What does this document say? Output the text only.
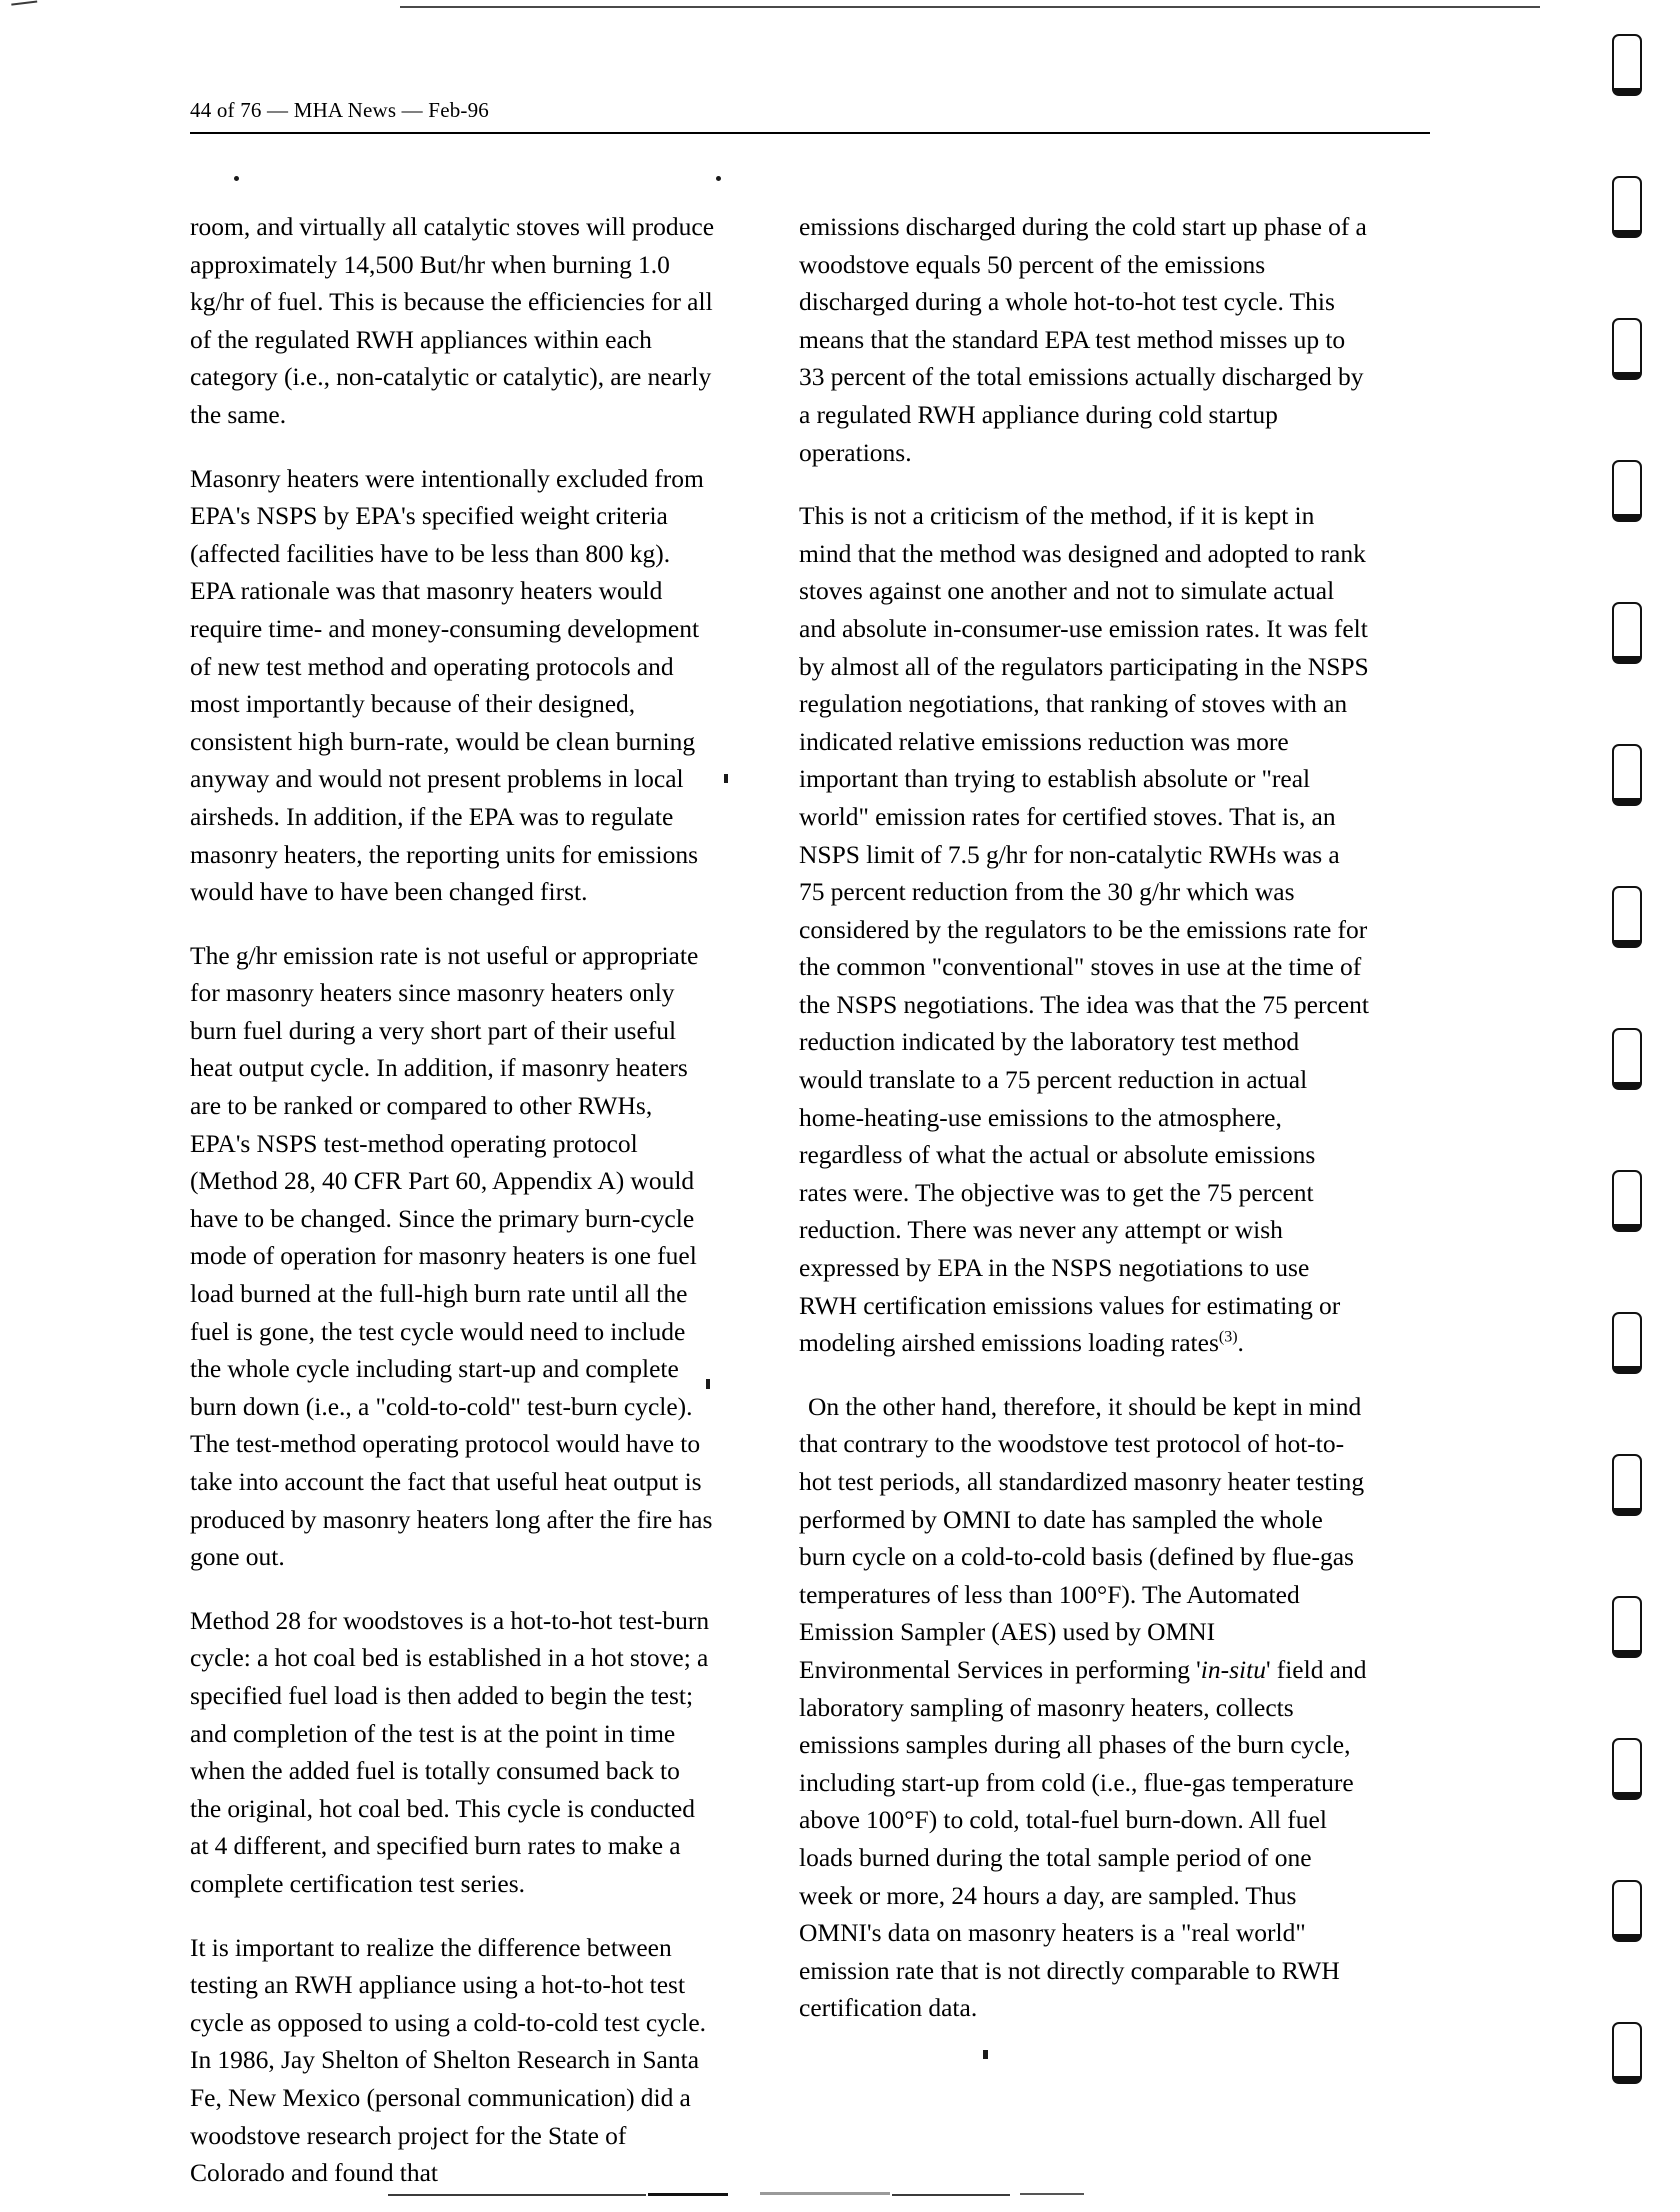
44 of 76 — MHA News — Feb-96

room, and virtually all catalytic stoves will produce approximately 14,500 But/hr when burning 1.0 kg/hr of fuel. This is because the efficiencies for all of the regulated RWH appliances within each category (i.e., non-catalytic or catalytic), are nearly the same.

Masonry heaters were intentionally excluded from EPA's NSPS by EPA's specified weight criteria (affected facilities have to be less than 800 kg). EPA rationale was that masonry heaters would require time- and money-consuming development of new test method and operating protocols and most importantly because of their designed, consistent high burn-rate, would be clean burning anyway and would not present problems in local airsheds. In addition, if the EPA was to regulate masonry heaters, the reporting units for emissions would have to have been changed first.

The g/hr emission rate is not useful or appropriate for masonry heaters since masonry heaters only burn fuel during a very short part of their useful heat output cycle. In addition, if masonry heaters are to be ranked or compared to other RWHs, EPA's NSPS test-method operating protocol (Method 28, 40 CFR Part 60, Appendix A) would have to be changed. Since the primary burn-cycle mode of operation for masonry heaters is one fuel load burned at the full-high burn rate until all the fuel is gone, the test cycle would need to include the whole cycle including start-up and complete burn down (i.e., a "cold-to-cold" test-burn cycle). The test-method operating protocol would have to take into account the fact that useful heat output is produced by masonry heaters long after the fire has gone out.

Method 28 for woodstoves is a hot-to-hot test-burn cycle: a hot coal bed is established in a hot stove; a specified fuel load is then added to begin the test; and completion of the test is at the point in time when the added fuel is totally consumed back to the original, hot coal bed. This cycle is conducted at 4 different, and specified burn rates to make a complete certification test series.

It is important to realize the difference between testing an RWH appliance using a hot-to-hot test cycle as opposed to using a cold-to-cold test cycle. In 1986, Jay Shelton of Shelton Research in Santa Fe, New Mexico (personal communication) did a woodstove research project for the State of Colorado and found that

emissions discharged during the cold start up phase of a woodstove equals 50 percent of the emissions discharged during a whole hot-to-hot test cycle. This means that the standard EPA test method misses up to 33 percent of the total emissions actually discharged by a regulated RWH appliance during cold startup operations.

This is not a criticism of the method, if it is kept in mind that the method was designed and adopted to rank stoves against one another and not to simulate actual and absolute in-consumer-use emission rates. It was felt by almost all of the regulators participating in the NSPS regulation negotiations, that ranking of stoves with an indicated relative emissions reduction was more important than trying to establish absolute or "real world" emission rates for certified stoves. That is, an NSPS limit of 7.5 g/hr for non-catalytic RWHs was a 75 percent reduction from the 30 g/hr which was considered by the regulators to be the emissions rate for the common "conventional" stoves in use at the time of the NSPS negotiations. The idea was that the 75 percent reduction indicated by the laboratory test method would translate to a 75 percent reduction in actual home-heating-use emissions to the atmosphere, regardless of what the actual or absolute emissions rates were. The objective was to get the 75 percent reduction. There was never any attempt or wish expressed by EPA in the NSPS negotiations to use RWH certification emissions values for estimating or modeling airshed emissions loading rates$^{(3)}$.

On the other hand, therefore, it should be kept in mind that contrary to the woodstove test protocol of hot-to-hot test periods, all standardized masonry heater testing performed by OMNI to date has sampled the whole burn cycle on a cold-to-cold basis (defined by flue-gas temperatures of less than 100°F). The Automated Emission Sampler (AES) used by OMNI Environmental Services in performing 'in-situ' field and laboratory sampling of masonry heaters, collects emissions samples during all phases of the burn cycle, including start-up from cold (i.e., flue-gas temperature above 100°F) to cold, total-fuel burn-down. All fuel loads burned during the total sample period of one week or more, 24 hours a day, are sampled. Thus OMNI's data on masonry heaters is a "real world" emission rate that is not directly comparable to RWH certification data.
